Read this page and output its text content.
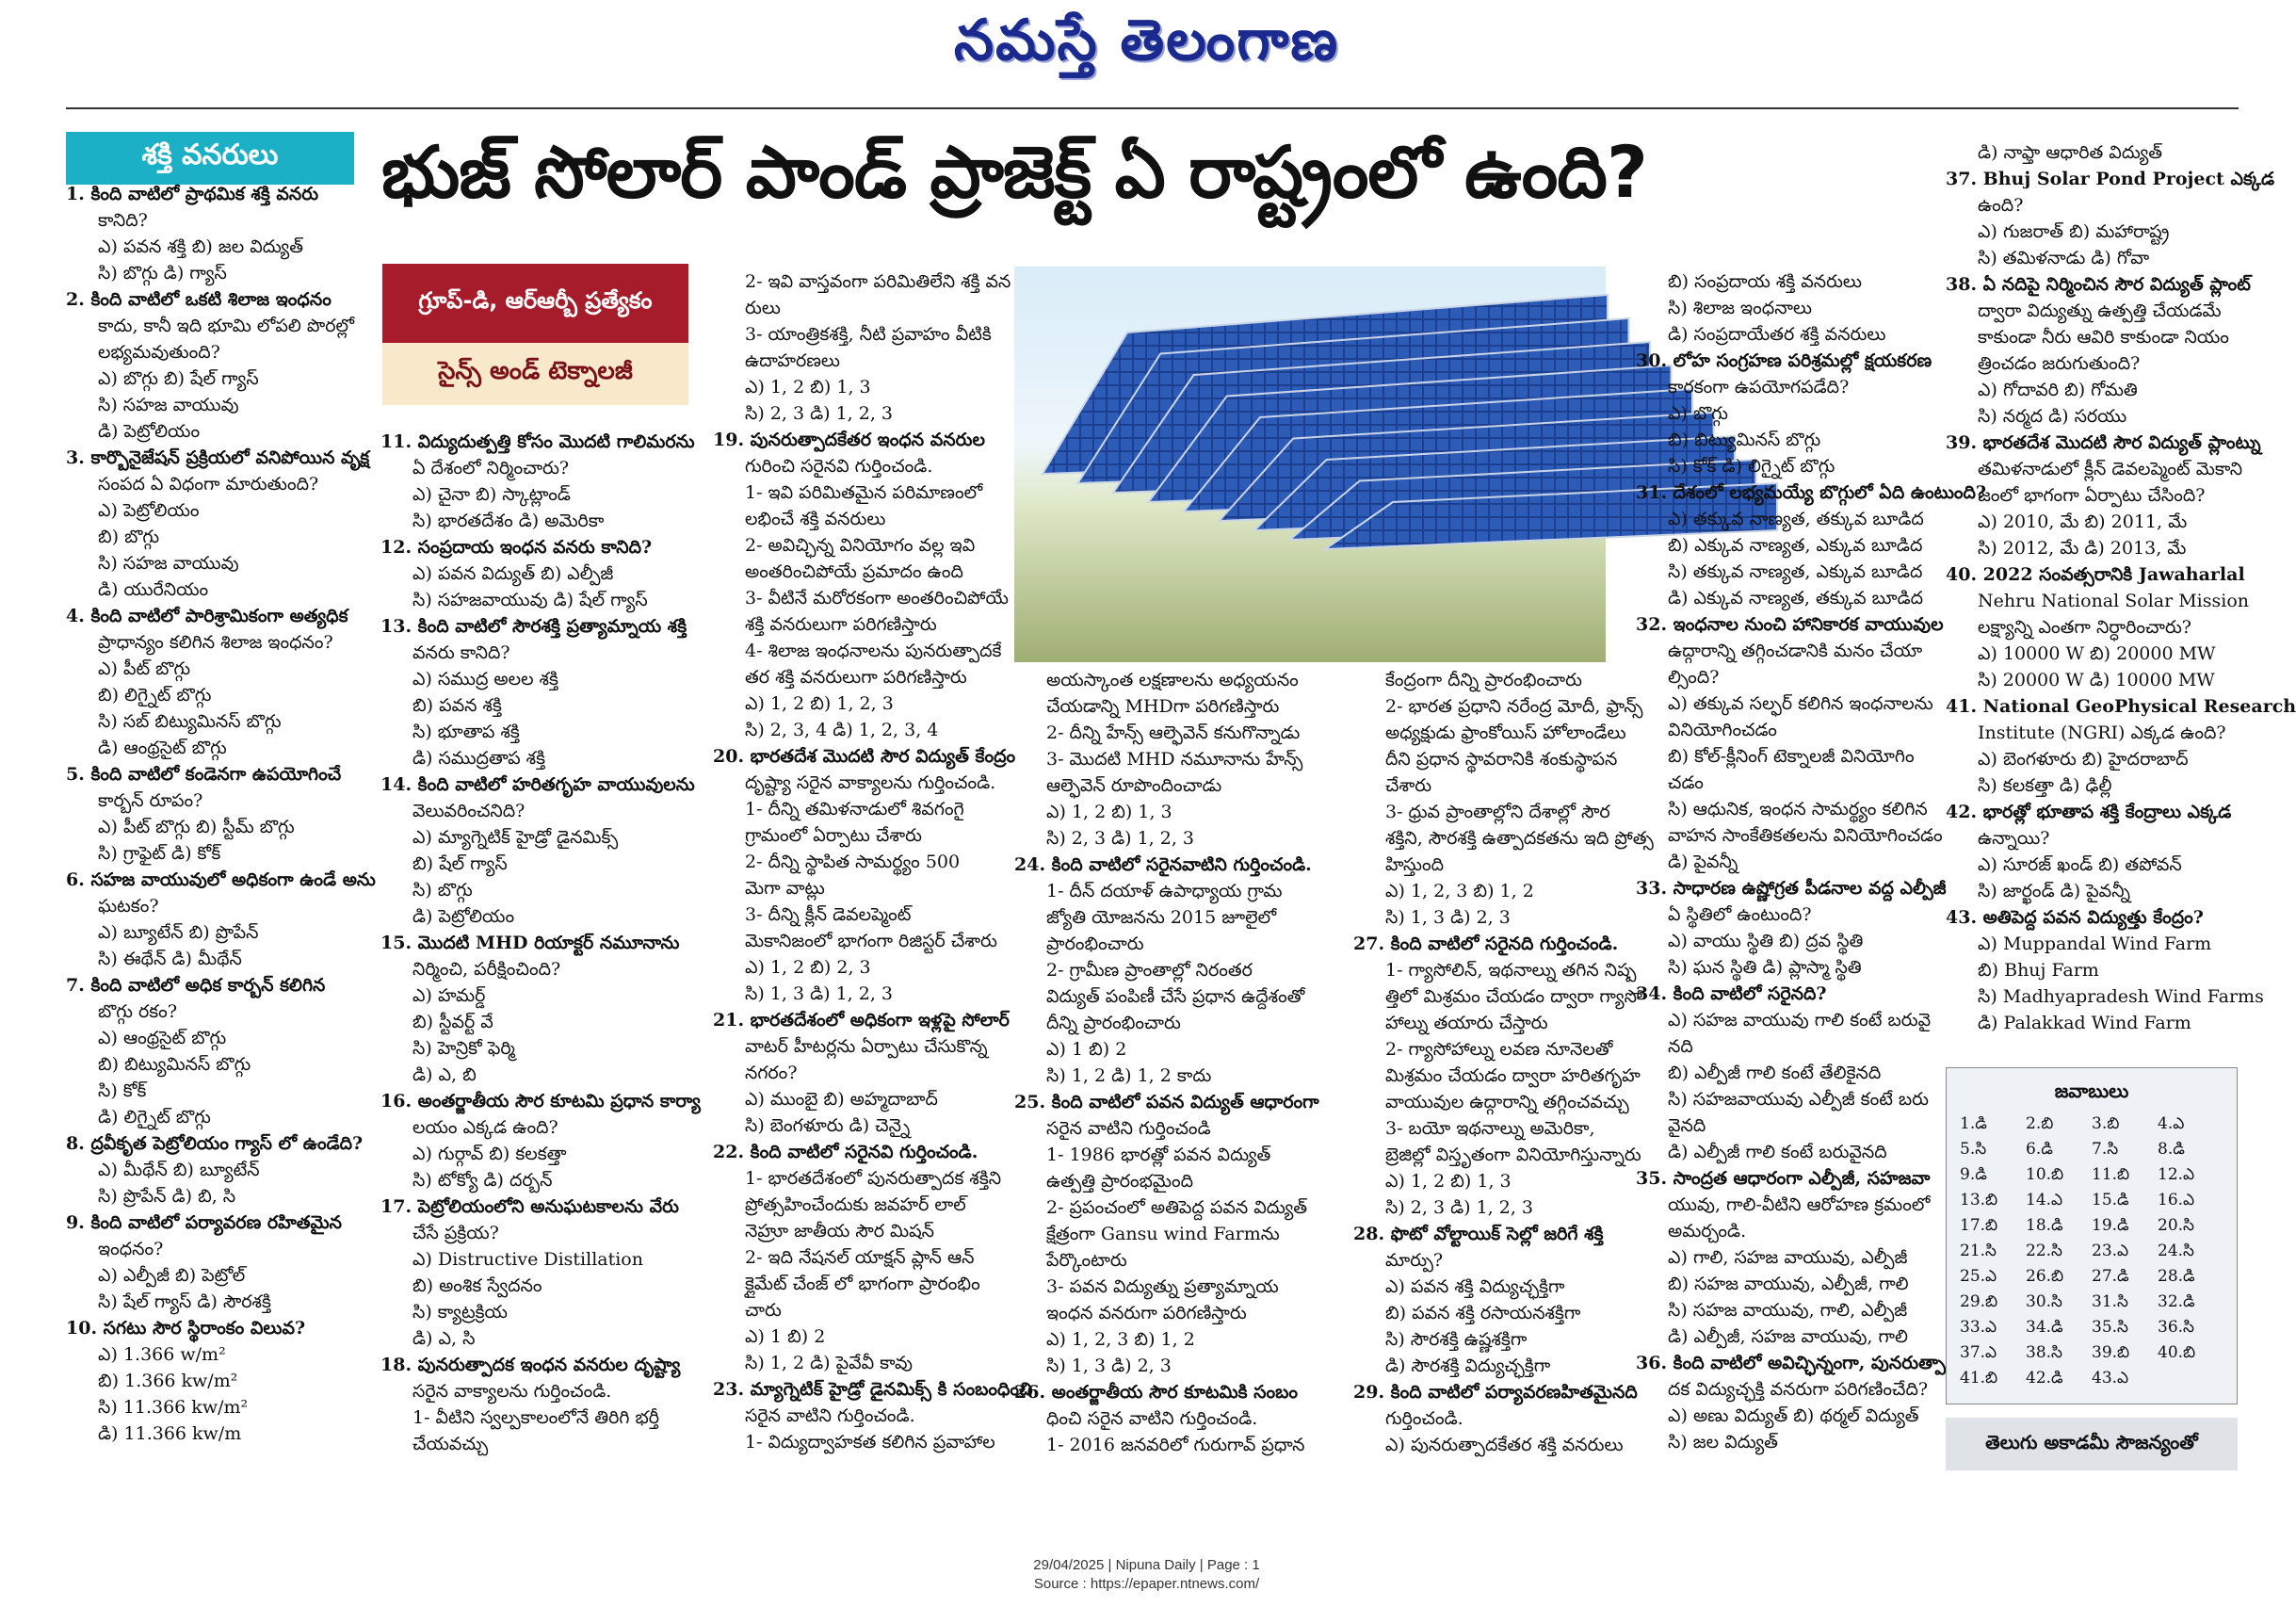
నమస్తే తెలంగాణ
శక్తి వనరులు	భుజ్ సోలార్ పాండ్ ప్రాజెక్ట్ ఏ రాష్ట్రంలో ఉంది?
గ్రూప్-డి, ఆర్ఆర్బీ ప్రత్యేకం
సైన్స్ అండ్ టెక్నాలజీ

1. కింది వాటిలో ప్రాథమిక శక్తి వనరు

కానిది?

ఎ) పవన శక్తి బి) జల విద్యుత్

సి) బొగ్గు డి) గ్యాస్

2. కింది వాటిలో ఒకటి శిలాజ ఇంధనం

కాదు, కానీ ఇది భూమి లోపలి పొరల్లో

లభ్యమవుతుంది?

ఎ) బొగ్గు బి) షేల్ గ్యాస్

సి) సహజ వాయువు

డి) పెట్రోలియం

3. కార్బొనైజేషన్ ప్రక్రియలో వనిపోయిన వృక్ష

సంపద ఏ విధంగా మారుతుంది?

ఎ) పెట్రోలియం

బి) బొగ్గు

సి) సహజ వాయువు

డి) యురేనియం

4. కింది వాటిలో పారిశ్రామికంగా అత్యధిక

ప్రాధాన్యం కలిగిన శిలాజ ఇంధనం?

ఎ) పీట్ బొగ్గు

బి) లిగ్నైట్ బొగ్గు

సి) సబ్ బిట్యుమినస్ బొగ్గు

డి) ఆంథ్రసైట్ బొగ్గు

5. కింది వాటిలో కండెనగా ఉపయోగించే

కార్బన్ రూపం?

ఎ) పీట్ బొగ్గు బి) స్టీమ్ బొగ్గు

సి) గ్రాఫైట్ డి) కోక్

6. సహజ వాయువులో అధికంగా ఉండే అను

ఘటకం?

ఎ) బ్యూటేన్ బి) ప్రొపేన్

సి) ఈథేన్ డి) మీథేన్

7. కింది వాటిలో అధిక కార్బన్ కలిగిన

బొగ్గు రకం?

ఎ) ఆంథ్రసైట్ బొగ్గు

బి) బిట్యుమినస్ బొగ్గు

సి) కోక్

డి) లిగ్నైట్ బొగ్గు

8. ద్రవీకృత పెట్రోలియం గ్యాస్ లో ఉండేది?

ఎ) మీథేన్ బి) బ్యూటేన్

సి) ప్రొపేన్ డి) బి, సి

9. కింది వాటిలో పర్యావరణ రహితమైన

ఇంధనం?

ఎ) ఎల్పీజీ బి) పెట్రోల్

సి) షేల్ గ్యాస్ డి) సౌరశక్తి

10. సగటు సౌర స్థిరాంకం విలువ?

ఎ) 1.366 w/m²

బి) 1.366 kw/m²

సి) 11.366 kw/m²

డి) 11.366 kw/m

11. విద్యుదుత్పత్తి కోసం మొదటి గాలిమరను

ఏ దేశంలో నిర్మించారు?

ఎ) చైనా బి) స్కాట్లాండ్

సి) భారతదేశం డి) అమెరికా

12. సంప్రదాయ ఇంధన వనరు కానిది?

ఎ) పవన విద్యుత్ బి) ఎల్పీజీ

సి) సహజవాయువు డి) షేల్ గ్యాస్

13. కింది వాటిలో సౌరశక్తి ప్రత్యామ్నాయ శక్తి

వనరు కానిది?

ఎ) సముద్ర అలల శక్తి

బి) పవన శక్తి

సి) భూతాప శక్తి

డి) సముద్రతాప శక్తి

14. కింది వాటిలో హరితగృహ వాయువులను

వెలువరించనిది?

ఎ) మ్యాగ్నెటిక్ హైడ్రో డైనమిక్స్

బి) షేల్ గ్యాస్

సి) బొగ్గు

డి) పెట్రోలియం

15. మొదటి MHD రియాక్టర్ నమూనాను

నిర్మించి, పరీక్షించింది?

ఎ) హమర్డ్

బి) స్టీవర్ట్ వే

సి) హెన్రికో ఫెర్మి

డి) ఎ, బి

16. అంతర్జాతీయ సౌర కూటమి ప్రధాన కార్యా

లయం ఎక్కడ ఉంది?

ఎ) గుర్గావ్ బి) కలకత్తా

సి) టోక్యో డి) దర్బన్

17. పెట్రోలియంలోని అనుఘటకాలను వేరు

చేసే ప్రక్రియ?

ఎ) Distructive Distillation

బి) అంశిక స్వేదనం

సి) క్యాట్రక్రియ

డి) ఎ, సి

18. పునరుత్పాదక ఇంధన వనరుల దృష్ట్యా

సరైన వాక్యాలను గుర్తించండి.

1- వీటిని స్వల్పకాలంలోనే తిరిగి భర్తీ

చేయవచ్చు

2- ఇవి వాస్తవంగా పరిమితిలేని శక్తి వన

రులు

3- యాంత్రికశక్తి, నీటి ప్రవాహం వీటికి

ఉదాహరణలు

ఎ) 1, 2 బి) 1, 3

సి) 2, 3 డి) 1, 2, 3

19. పునరుత్పాదకేతర ఇంధన వనరుల

గురించి సరైనవి గుర్తించండి.

1- ఇవి పరిమితమైన పరిమాణంలో

లభించే శక్తి వనరులు

2- అవిచ్ఛిన్న వినియోగం వల్ల ఇవి

అంతరించిపోయే ప్రమాదం ఉంది

3- వీటినే మరోరకంగా అంతరించిపోయే

శక్తి వనరులుగా పరిగణిస్తారు

4- శిలాజ ఇంధనాలను పునరుత్పాదకే

తర శక్తి వనరులుగా పరిగణిస్తారు

ఎ) 1, 2 బి) 1, 2, 3

సి) 2, 3, 4 డి) 1, 2, 3, 4

20. భారతదేశ మొదటి సౌర విద్యుత్ కేంద్రం

దృష్ట్యా సరైన వాక్యాలను గుర్తించండి.

1- దీన్ని తమిళనాడులో శివగంగై

గ్రామంలో ఏర్పాటు చేశారు

2- దీన్ని స్థాపిత సామర్థ్యం 500

మెగా వాట్లు

3- దీన్ని క్లీన్ డెవలప్మెంట్

మెకానిజంలో భాగంగా రిజిస్టర్ చేశారు

ఎ) 1, 2 బి) 2, 3

సి) 1, 3 డి) 1, 2, 3

21. భారతదేశంలో అధికంగా ఇళ్లపై సోలార్

వాటర్ హీటర్లను ఏర్పాటు చేసుకొన్న

నగరం?

ఎ) ముంబై బి) అహ్మదాబాద్

సి) బెంగళూరు డి) చెన్నై

22. కింది వాటిలో సరైనవి గుర్తించండి.

1- భారతదేశంలో పునరుత్పాదక శక్తిని

ప్రోత్సహించేందుకు జవహర్ లాల్

నెహ్రూ జాతీయ సౌర మిషన్

2- ఇది నేషనల్ యాక్షన్ ప్లాన్ ఆన్

క్లైమేట్ చేంజ్ లో భాగంగా ప్రారంభిం

చారు

ఎ) 1 బి) 2

సి) 1, 2 డి) పైవేవీ కావు

23. మ్యాగ్నెటిక్ హైడ్రో డైనమిక్స్ కి సంబంధించి

సరైన వాటిని గుర్తించండి.

1- విద్యుద్వాహకత కలిగిన ప్రవాహాల

అయస్కాంత లక్షణాలను అధ్యయనం

చేయడాన్ని MHDగా పరిగణిస్తారు

2- దీన్ని హేన్స్ ఆల్ఫెవెన్ కనుగొన్నాడు

3- మొదటి MHD నమూనాను హేన్స్

ఆల్ఫెవెన్ రూపొందించాడు

ఎ) 1, 2 బి) 1, 3

సి) 2, 3 డి) 1, 2, 3

24. కింది వాటిలో సరైనవాటిని గుర్తించండి.

1- దీన్ దయాళ్ ఉపాధ్యాయ గ్రామ

జ్యోతి యోజనను 2015 జూలైలో

ప్రారంభించారు

2- గ్రామీణ ప్రాంతాల్లో నిరంతర

విద్యుత్ పంపిణీ చేసే ప్రధాన ఉద్దేశంతో

దీన్ని ప్రారంభించారు

ఎ) 1 బి) 2

సి) 1, 2 డి) 1, 2 కాదు

25. కింది వాటిలో పవన విద్యుత్ ఆధారంగా

సరైన వాటిని గుర్తించండి

1- 1986 భారత్లో పవన విద్యుత్

ఉత్పత్తి ప్రారంభమైంది

2- ప్రపంచంలో అతిపెద్ద పవన విద్యుత్

క్షేత్రంగా Gansu wind Farmను

పేర్కొంటారు

3- పవన విద్యుత్ను ప్రత్యామ్నాయ

ఇంధన వనరుగా పరిగణిస్తారు

ఎ) 1, 2, 3 బి) 1, 2

సి) 1, 3 డి) 2, 3

26. అంతర్జాతీయ సౌర కూటమికి సంబం

ధించి సరైన వాటిని గుర్తించండి.

1- 2016 జనవరిలో గురుగావ్ ప్రధాన

కేంద్రంగా దీన్ని ప్రారంభించారు

2- భారత ప్రధాని నరేంద్ర మోదీ, ఫ్రాన్స్

అధ్యక్షుడు ఫ్రాంకోయిస్ హోలాండేలు

దీని ప్రధాన స్థావరానికి శంకుస్థాపన

చేశారు

3- ధ్రువ ప్రాంతాల్లోని దేశాల్లో సౌర

శక్తిని, సౌరశక్తి ఉత్పాదకతను ఇది ప్రోత్స

హిస్తుంది

ఎ) 1, 2, 3 బి) 1, 2

సి) 1, 3 డి) 2, 3

27. కింది వాటిలో సరైనది గుర్తించండి.

1- గ్యాసోలిన్, ఇథనాల్ను తగిన నిష్ప

త్తిలో మిశ్రమం చేయడం ద్వారా గ్యాసో

హాల్ను తయారు చేస్తారు

2- గ్యాసోహాల్ను లవణ నూనెలతో

మిశ్రమం చేయడం ద్వారా హరితగృహ

వాయువుల ఉద్గారాన్ని తగ్గించవచ్చు

3- బయో ఇథనాల్ను అమెరికా,

బ్రెజిల్లో విస్తృతంగా వినియోగిస్తున్నారు

ఎ) 1, 2 బి) 1, 3

సి) 2, 3 డి) 1, 2, 3

28. ఫొటో వోల్టాయిక్ సెల్లో జరిగే శక్తి

మార్పు?

ఎ) పవన శక్తి విద్యుచ్ఛక్తిగా

బి) పవన శక్తి రసాయనశక్తిగా

సి) సౌరశక్తి ఉష్ణశక్తిగా

డి) సౌరశక్తి విద్యుచ్ఛక్తిగా

29. కింది వాటిలో పర్యావరణహితమైనది

గుర్తించండి.

ఎ) పునరుత్పాదకేతర శక్తి వనరులు

బి) సంప్రదాయ శక్తి వనరులు

సి) శిలాజ ఇంధనాలు

డి) సంప్రదాయేతర శక్తి వనరులు

30. లోహ సంగ్రహణ పరిశ్రమల్లో క్షయకరణ

కారకంగా ఉపయోగపడేది?

ఎ) బొగ్గు

బి) బిట్యుమినస్ బొగ్గు

సి) కోక్ డి) లిగ్నైట్ బొగ్గు

31. దేశంలో లభ్యమయ్యే బొగ్గులో ఏది ఉంటుంది?

ఎ) తక్కువ నాణ్యత, తక్కువ బూడిద

బి) ఎక్కువ నాణ్యత, ఎక్కువ బూడిద

సి) తక్కువ నాణ్యత, ఎక్కువ బూడిద

డి) ఎక్కువ నాణ్యత, తక్కువ బూడిద

32. ఇంధనాల నుంచి హానికారక వాయువుల

ఉద్గారాన్ని తగ్గించడానికి మనం చేయా

ల్సింది?

ఎ) తక్కువ సల్ఫర్ కలిగిన ఇంధనాలను

వినియోగించడం

బి) కోల్-క్లీనింగ్ టెక్నాలజీ వినియోగిం

చడం

సి) ఆధునిక, ఇంధన సామర్థ్యం కలిగిన

వాహన సాంకేతికతలను వినియోగించడం

డి) పైవన్నీ

33. సాధారణ ఉష్ణోగ్రత పీడనాల వద్ద ఎల్పీజీ

ఏ స్థితిలో ఉంటుంది?

ఎ) వాయు స్థితి బి) ద్రవ స్థితి

సి) ఘన స్థితి డి) ప్లాస్మా స్థితి

34. కింది వాటిలో సరైనది?

ఎ) సహజ వాయువు గాలి కంటే బరువై

నది

బి) ఎల్పీజీ గాలి కంటే తేలికైనది

సి) సహజవాయువు ఎల్పీజీ కంటే బరు

వైనది

డి) ఎల్పీజీ గాలి కంటే బరువైనది

35. సాంద్రత ఆధారంగా ఎల్పీజీ, సహజవా

యువు, గాలి-వీటిని ఆరోహణ క్రమంలో

అమర్చండి.

ఎ) గాలి, సహజ వాయువు, ఎల్పీజీ

బి) సహజ వాయువు, ఎల్పీజీ, గాలి

సి) సహజ వాయువు, గాలి, ఎల్పీజీ

డి) ఎల్పీజీ, సహజ వాయువు, గాలి

36. కింది వాటిలో అవిచ్ఛిన్నంగా, పునరుత్పా

దక విద్యుచ్ఛక్తి వనరుగా పరిగణించేది?

ఎ) అణు విద్యుత్ బి) థర్మల్ విద్యుత్

సి) జల విద్యుత్

డి) నాఫ్తా ఆధారిత విద్యుత్

37. Bhuj Solar Pond Project ఎక్కడ

ఉంది?

ఎ) గుజరాత్ బి) మహారాష్ట్ర

సి) తమిళనాడు డి) గోవా

38. ఏ నదిపై నిర్మించిన సౌర విద్యుత్ ప్లాంట్

ద్వారా విద్యుత్ను ఉత్పత్తి చేయడమే

కాకుండా నీరు ఆవిరి కాకుండా నియం

త్రించడం జరుగుతుంది?

ఎ) గోదావరి బి) గోమతి

సి) నర్మద డి) సరయు

39. భారతదేశ మొదటి సౌర విద్యుత్ ప్లాంట్ను

తమిళనాడులో క్లీన్ డెవలప్మెంట్ మెకాని

జంలో భాగంగా ఏర్పాటు చేసింది?

ఎ) 2010, మే బి) 2011, మే

సి) 2012, మే డి) 2013, మే

40. 2022 సంవత్సరానికి Jawaharlal

Nehru National Solar Mission

లక్ష్యాన్ని ఎంతగా నిర్ధారించారు?

ఎ) 10000 W బి) 20000 MW

సి) 20000 W డి) 10000 MW

41. National GeoPhysical Research

Institute (NGRI) ఎక్కడ ఉంది?

ఎ) బెంగళూరు బి) హైదరాబాద్

సి) కలకత్తా డి) ఢిల్లీ

42. భారత్లో భూతాప శక్తి కేంద్రాలు ఎక్కడ

ఉన్నాయి?

ఎ) సూరజ్ ఖండ్ బి) తపోవన్

సి) జార్ఖండ్ డి) పైవన్నీ

43. అతిపెద్ద పవన విద్యుత్తు కేంద్రం?

ఎ) Muppandal Wind Farm

బి) Bhuj Farm

సి) Madhyapradesh Wind Farms

డి) Palakkad Wind Farm

జవాబులు
1.డి	2.బి	3.బి	4.ఎ
5.సి	6.డి	7.సి	8.డి
9.డి	10.బి	11.బి	12.ఎ
13.బి	14.ఎ	15.డి	16.ఎ
17.బి	18.డి	19.డి	20.సి
21.సి	22.సి	23.ఎ	24.సి
25.ఎ	26.బి	27.డి	28.డి
29.బి	30.సి	31.సి	32.డి
33.ఎ	34.డి	35.సి	36.సి
37.ఎ	38.సి	39.బి	40.బి
41.బి	42.డి	43.ఎ
తెలుగు అకాడమీ సౌజన్యంతో
29/04/2025 | Nipuna Daily | Page : 1
Source : https://epaper.ntnews.com/
